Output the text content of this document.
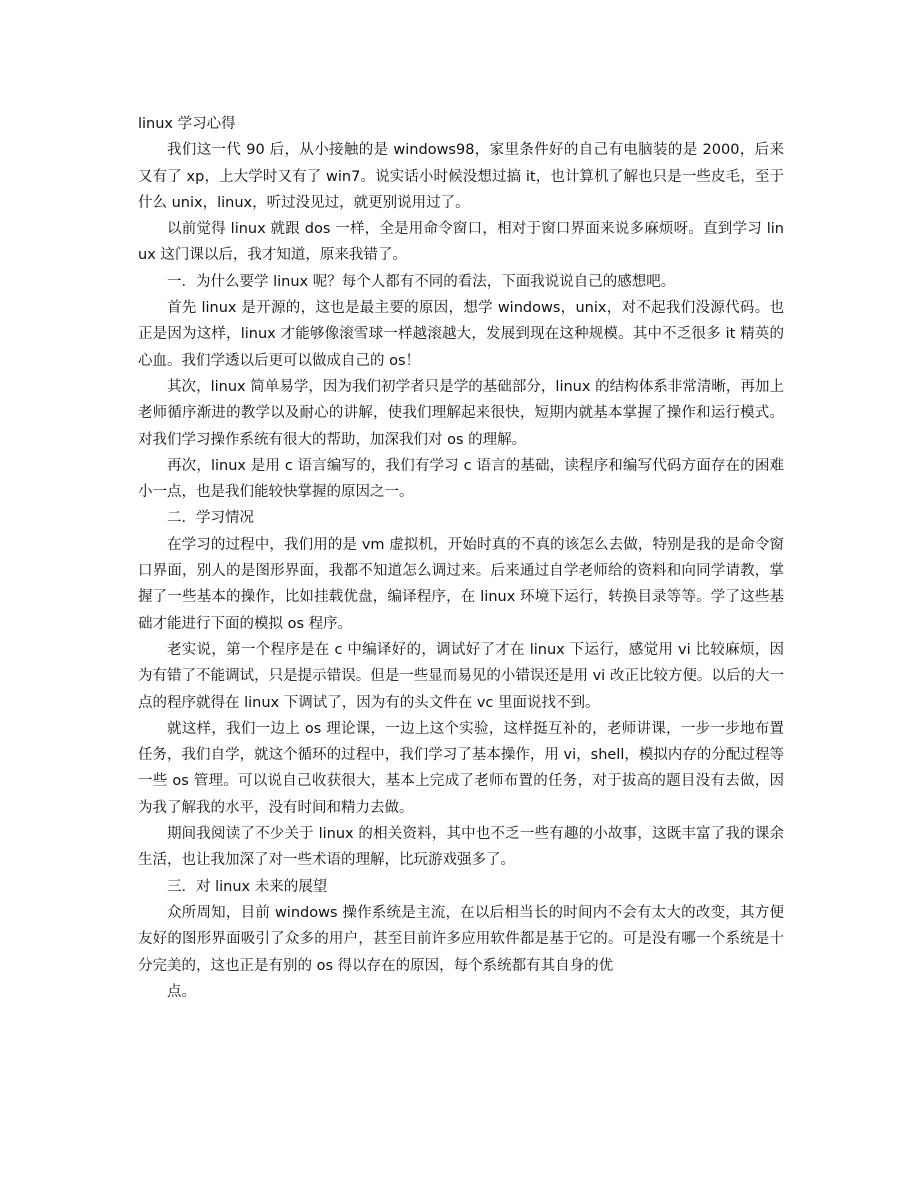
linux 学习心得

我们这一代 90 后，从小接触的是 windows98，家里条件好的自己有电脑装的是 2000，后来又有了 xp，上大学时又有了 win7。说实话小时候没想过搞 it，也计算机了解也只是一些皮毛，至于什么 unix，linux，听过没见过，就更别说用过了。

以前觉得 linux 就跟 dos 一样，全是用命令窗口，相对于窗口界面来说多麻烦呀。直到学习 linux 这门课以后，我才知道，原来我错了。

一．为什么要学 linux 呢？每个人都有不同的看法，下面我说说自己的感想吧。

首先 linux 是开源的，这也是最主要的原因，想学 windows，unix，对不起我们没源代码。也正是因为这样，linux 才能够像滚雪球一样越滚越大，发展到现在这种规模。其中不乏很多 it 精英的心血。我们学透以后更可以做成自己的 os！

其次，linux 简单易学，因为我们初学者只是学的基础部分，linux 的结构体系非常清晰，再加上老师循序渐进的教学以及耐心的讲解，使我们理解起来很快，短期内就基本掌握了操作和运行模式。对我们学习操作系统有很大的帮助，加深我们对 os 的理解。

再次，linux 是用 c 语言编写的，我们有学习 c 语言的基础，读程序和编写代码方面存在的困难小一点，也是我们能较快掌握的原因之一。

二．学习情况

在学习的过程中，我们用的是 vm 虚拟机，开始时真的不真的该怎么去做，特别是我的是命令窗口界面，别人的是图形界面，我都不知道怎么调过来。后来通过自学老师给的资料和向同学请教，掌握了一些基本的操作，比如挂载优盘，编译程序，在 linux 环境下运行，转换目录等等。学了这些基础才能进行下面的模拟 os 程序。

老实说，第一个程序是在 c 中编译好的，调试好了才在 linux 下运行，感觉用 vi 比较麻烦，因为有错了不能调试，只是提示错误。但是一些显而易见的小错误还是用 vi 改正比较方便。以后的大一点的程序就得在 linux 下调试了，因为有的头文件在 vc 里面说找不到。

就这样，我们一边上 os 理论课，一边上这个实验，这样挺互补的，老师讲课，一步一步地布置任务，我们自学，就这个循环的过程中，我们学习了基本操作，用 vi，shell，模拟内存的分配过程等一些 os 管理。可以说自己收获很大，基本上完成了老师布置的任务，对于拔高的题目没有去做，因为我了解我的水平，没有时间和精力去做。

期间我阅读了不少关于 linux 的相关资料，其中也不乏一些有趣的小故事，这既丰富了我的课余生活，也让我加深了对一些术语的理解，比玩游戏强多了。

三．对 linux 未来的展望

众所周知，目前 windows 操作系统是主流，在以后相当长的时间内不会有太大的改变，其方便友好的图形界面吸引了众多的用户，甚至目前许多应用软件都是基于它的。可是没有哪一个系统是十分完美的，这也正是有别的 os 得以存在的原因，每个系统都有其自身的优

点。
